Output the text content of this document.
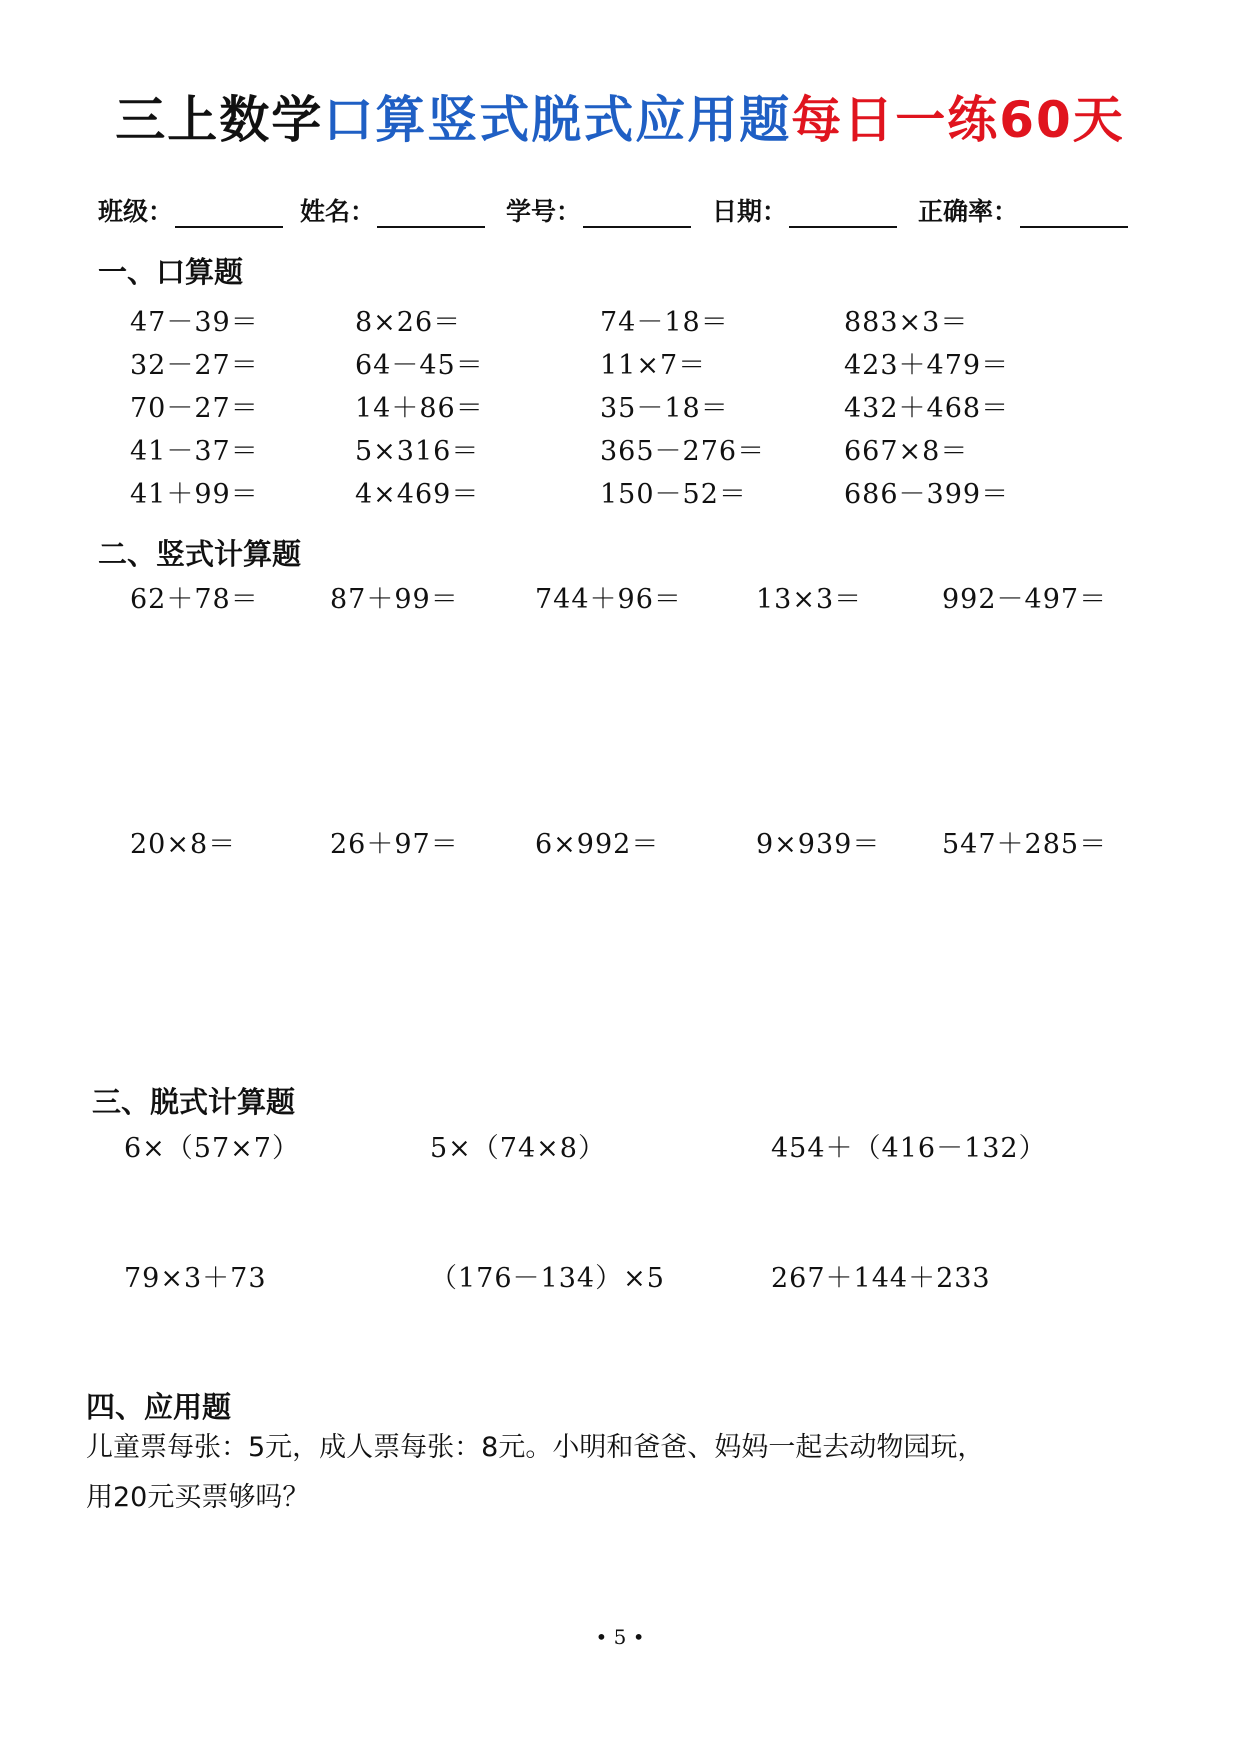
三上数学口算竖式脱式应用题每日一练60天
班级：	姓名：	学号：	日期：	正确率：
一、口算题
47－39＝	8×26＝	74－18＝	883×3＝
32－27＝	64－45＝	11×7＝	423＋479＝
70－27＝	14＋86＝	35－18＝	432＋468＝
41－37＝	5×316＝	365－276＝	667×8＝
41＋99＝	4×469＝	150－52＝	686－399＝
二、竖式计算题
62＋78＝	87＋99＝	744＋96＝	13×3＝	992－497＝
20×8＝	26＋97＝	6×992＝	9×939＝ 547＋285＝
三、脱式计算题
6×（57×7）	5×（74×8）	454＋（416－132）
79×3＋73	（176－134）×5	267＋144＋233
四、应用题
儿童票每张：5元，成人票每张：8元。小明和爸爸、妈妈一起去动物园玩，
用20元买票够吗？
• 5 •
